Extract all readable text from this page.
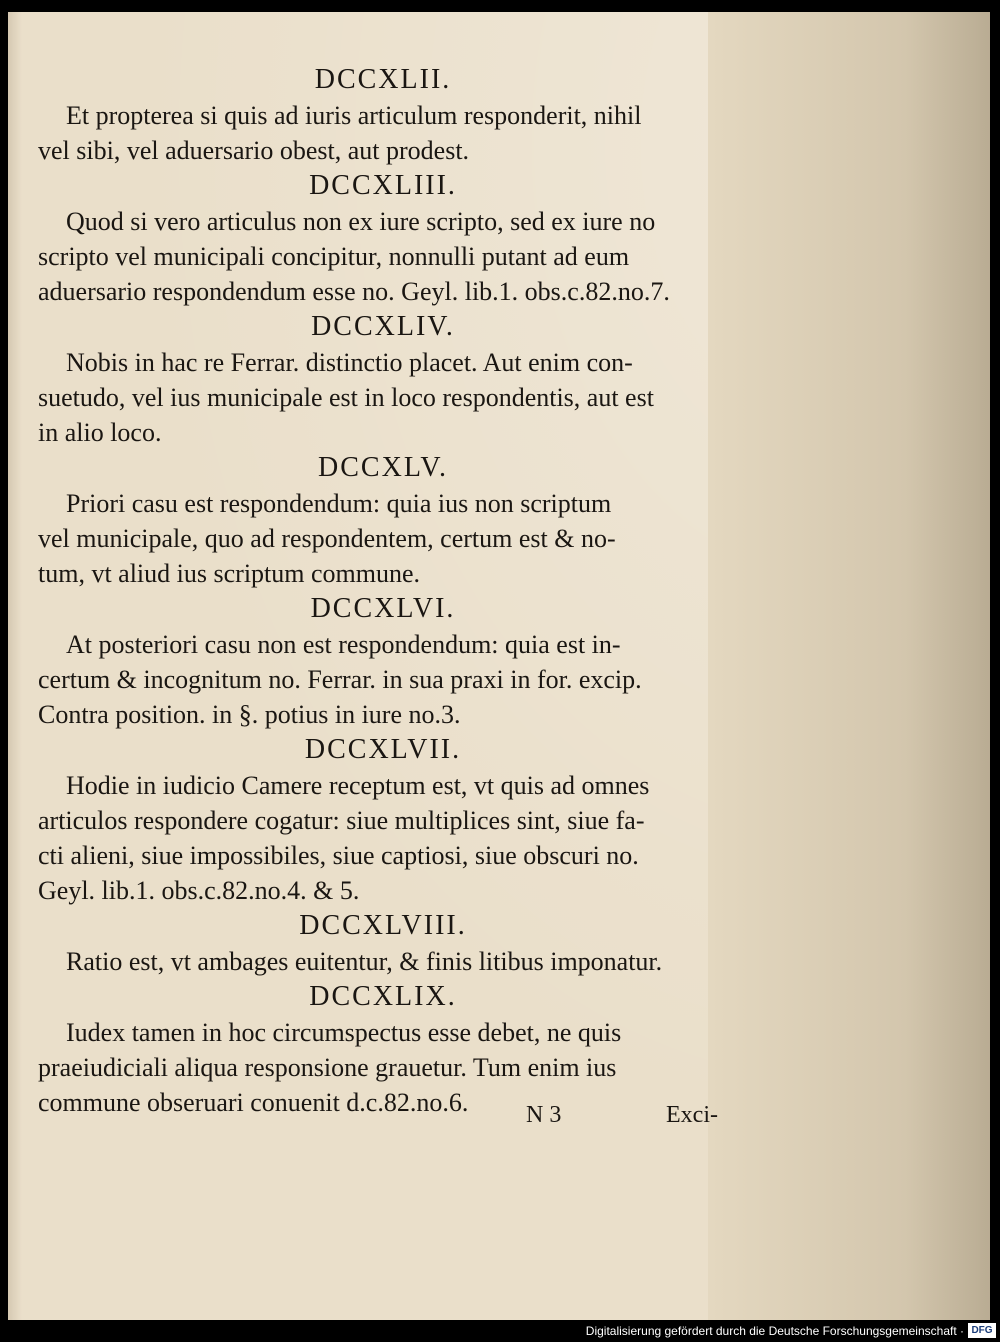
DCCXLII.

Et propterea si quis ad iuris articulum responderit, nihil
vel sibi, vel aduersario obest, aut prodest.

DCCXLIII.

Quod si vero articulus non ex iure scripto, sed ex iure no
scripto vel municipali concipitur, nonnulli putant ad eum
aduersario respondendum esse no. Geyl. lib.1. obs.c.82.no.7.

DCCXLIV.

Nobis in hac re Ferrar. distinctio placet. Aut enim con-
suetudo, vel ius municipale est in loco respondentis, aut est
in alio loco.

DCCXLV.

Priori casu est respondendum: quia ius non scriptum
vel municipale, quo ad respondentem, certum est & no-
tum, vt aliud ius scriptum commune.

DCCXLVI.

At posteriori casu non est respondendum: quia est in-
certum & incognitum no. Ferrar. in sua praxi in for. excip.
Contra position. in §. potius in iure no.3.

DCCXLVII.

Hodie in iudicio Camere receptum est, vt quis ad omnes
articulos respondere cogatur: siue multiplices sint, siue fa-
cti alieni, siue impossibiles, siue captiosi, siue obscuri no.
Geyl. lib.1. obs.c.82.no.4. & 5.

DCCXLVIII.

Ratio est, vt ambages euitentur, & finis litibus imponatur.

DCCXLIX.

Iudex tamen in hoc circumspectus esse debet, ne quis
praeiudiciali aliqua responsione grauetur. Tum enim ius
commune obseruari conuenit d.c.82.no.6.	N 3	Exci-
Digitalisierung gefördert durch die Deutsche Forschungsgemeinschaft · DFG
